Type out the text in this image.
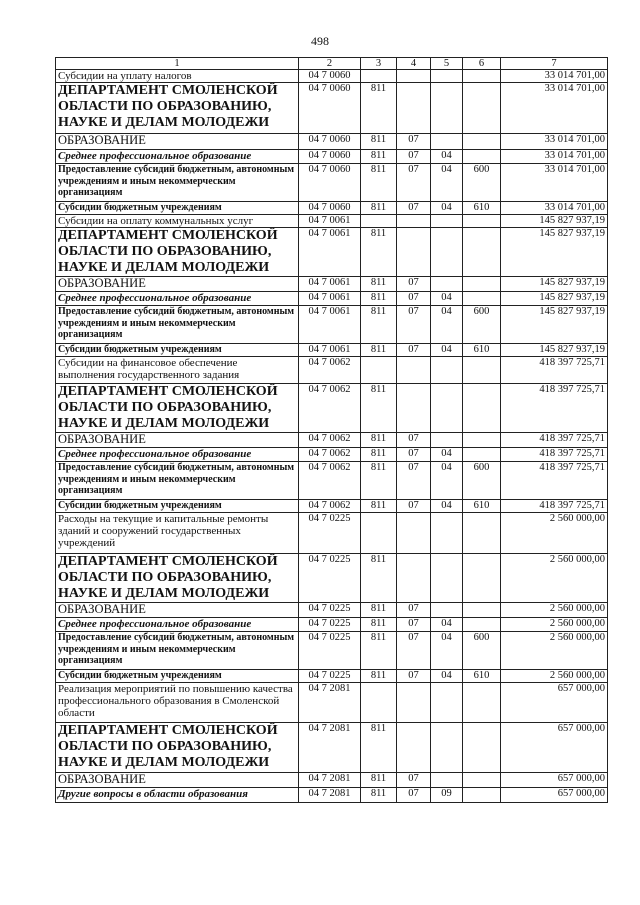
498
1	2	3	4	5	6	7
Субсидии на уплату налогов	04 7 0060					33 014 701,00
ДЕПАРТАМЕНТ СМОЛЕНСКОЙ ОБЛАСТИ ПО ОБРАЗОВАНИЮ, НАУКЕ И ДЕЛАМ МОЛОДЕЖИ	04 7 0060	811				33 014 701,00
ОБРАЗОВАНИЕ	04 7 0060	811	07			33 014 701,00
Среднее профессиональное образование	04 7 0060	811	07	04		33 014 701,00
Предоставление субсидий бюджетным, автономным учреждениям и иным некоммерческим организациям	04 7 0060	811	07	04	600	33 014 701,00
Субсидии бюджетным учреждениям	04 7 0060	811	07	04	610	33 014 701,00
Субсидии на оплату коммунальных услуг	04 7 0061					145 827 937,19
ДЕПАРТАМЕНТ СМОЛЕНСКОЙ ОБЛАСТИ ПО ОБРАЗОВАНИЮ, НАУКЕ И ДЕЛАМ МОЛОДЕЖИ	04 7 0061	811				145 827 937,19
ОБРАЗОВАНИЕ	04 7 0061	811	07			145 827 937,19
Среднее профессиональное образование	04 7 0061	811	07	04		145 827 937,19
Предоставление субсидий бюджетным, автономным учреждениям и иным некоммерческим организациям	04 7 0061	811	07	04	600	145 827 937,19
Субсидии бюджетным учреждениям	04 7 0061	811	07	04	610	145 827 937,19
Субсидии на финансовое обеспечение выполнения государственного задания	04 7 0062					418 397 725,71
ДЕПАРТАМЕНТ СМОЛЕНСКОЙ ОБЛАСТИ ПО ОБРАЗОВАНИЮ, НАУКЕ И ДЕЛАМ МОЛОДЕЖИ	04 7 0062	811				418 397 725,71
ОБРАЗОВАНИЕ	04 7 0062	811	07			418 397 725,71
Среднее профессиональное образование	04 7 0062	811	07	04		418 397 725,71
Предоставление субсидий бюджетным, автономным учреждениям и иным некоммерческим организациям	04 7 0062	811	07	04	600	418 397 725,71
Субсидии бюджетным учреждениям	04 7 0062	811	07	04	610	418 397 725,71
Расходы на текущие и капитальные ремонты зданий и сооружений государственных учреждений	04 7 0225					2 560 000,00
ДЕПАРТАМЕНТ СМОЛЕНСКОЙ ОБЛАСТИ ПО ОБРАЗОВАНИЮ, НАУКЕ И ДЕЛАМ МОЛОДЕЖИ	04 7 0225	811				2 560 000,00
ОБРАЗОВАНИЕ	04 7 0225	811	07			2 560 000,00
Среднее профессиональное образование	04 7 0225	811	07	04		2 560 000,00
Предоставление субсидий бюджетным, автономным учреждениям и иным некоммерческим организациям	04 7 0225	811	07	04	600	2 560 000,00
Субсидии бюджетным учреждениям	04 7 0225	811	07	04	610	2 560 000,00
Реализация мероприятий по повышению качества профессионального образования в Смоленской области	04 7 2081					657 000,00
ДЕПАРТАМЕНТ СМОЛЕНСКОЙ ОБЛАСТИ ПО ОБРАЗОВАНИЮ, НАУКЕ И ДЕЛАМ МОЛОДЕЖИ	04 7 2081	811				657 000,00
ОБРАЗОВАНИЕ	04 7 2081	811	07			657 000,00
Другие вопросы в области образования	04 7 2081	811	07	09		657 000,00
